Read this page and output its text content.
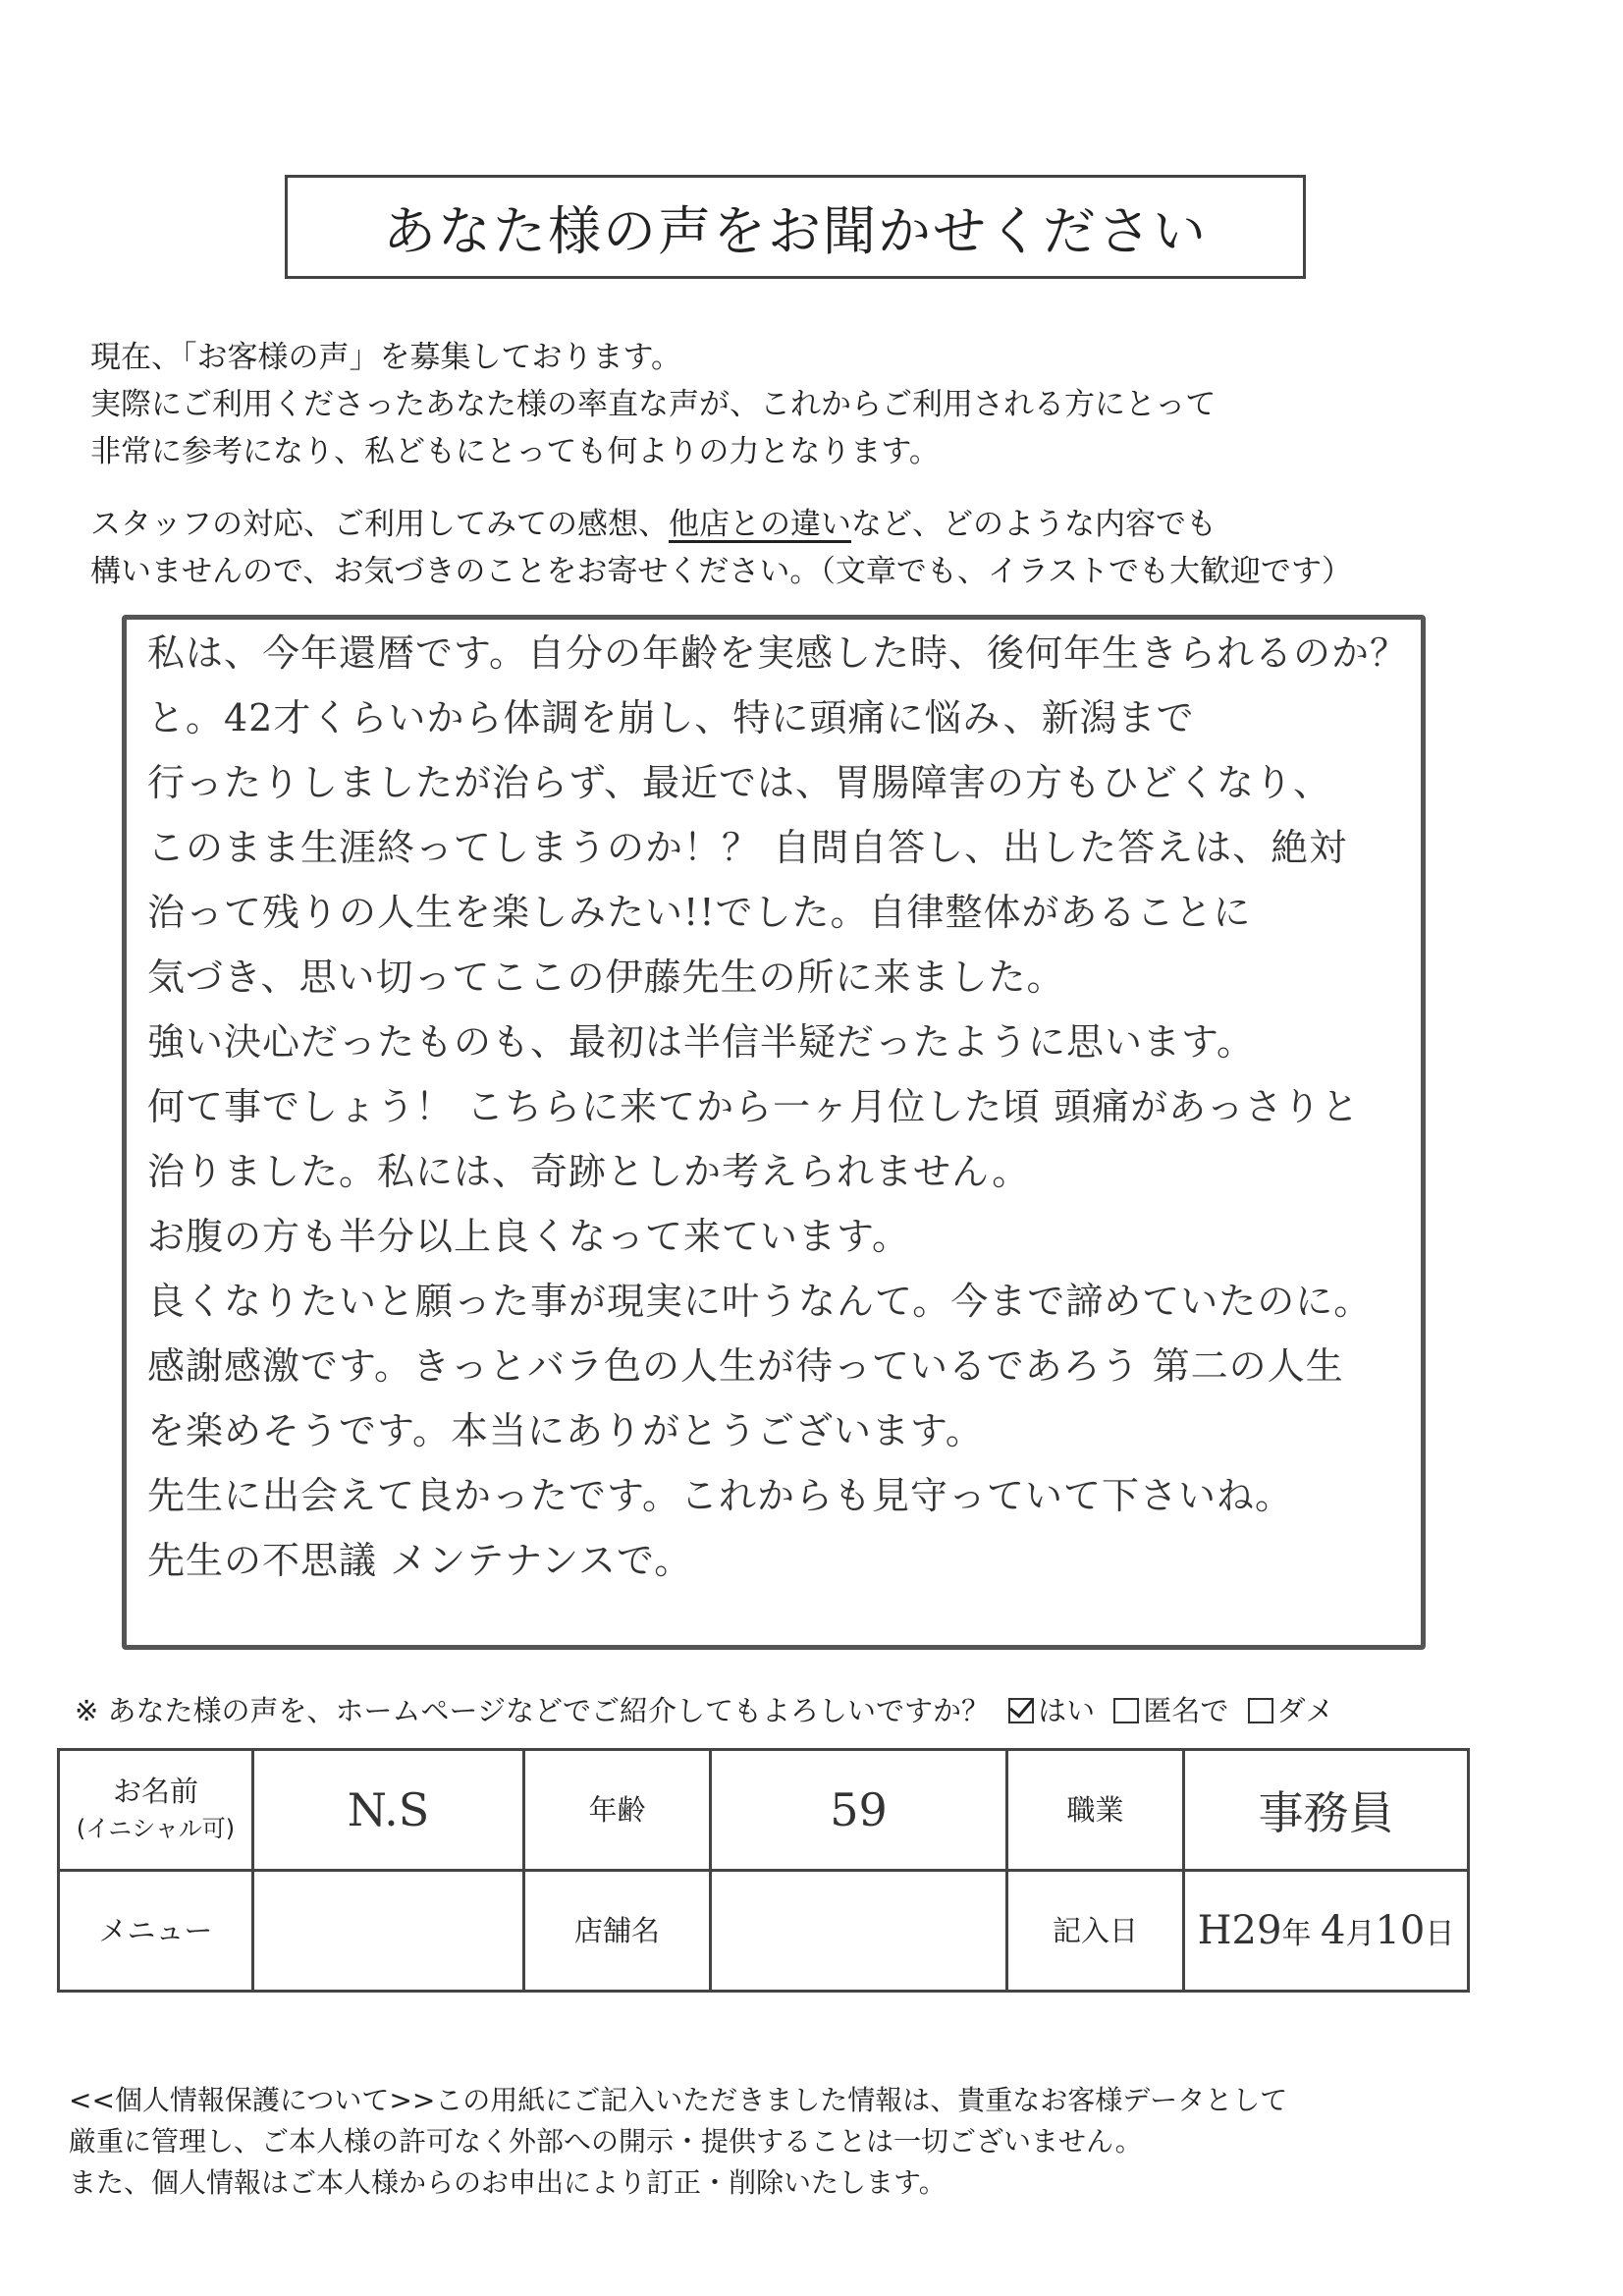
あなた様の声をお聞かせください

現在、「お客様の声」を募集しております。

実際にご利用くださったあなた様の率直な声が、これからご利用される方にとって

非常に参考になり、私どもにとっても何よりの力となります。

スタッフの対応、ご利用してみての感想、他店との違いなど、どのような内容でも

構いませんので、お気づきのことをお寄せください。（文章でも、イラストでも大歓迎です）

私は、今年還暦です。自分の年齢を実感した時、後何年生きられるのか？
と。42才くらいから体調を崩し、特に頭痛に悩み、新潟まで
行ったりしましたが治らず、最近では、胃腸障害の方もひどくなり、
このまま生涯終ってしまうのか！？ 自問自答し、出した答えは、絶対
治って残りの人生を楽しみたい!!でした。自律整体があることに
気づき、思い切ってここの伊藤先生の所に来ました。
強い決心だったものも、最初は半信半疑だったように思います。
何て事でしょう！ こちらに来てから一ヶ月位した頃 頭痛があっさりと
治りました。私には、奇跡としか考えられません。
お腹の方も半分以上良くなって来ています。
良くなりたいと願った事が現実に叶うなんて。今まで諦めていたのに。
感謝感激です。きっとバラ色の人生が待っているであろう 第二の人生
を楽めそうです。本当にありがとうございます。
先生に出会えて良かったです。これからも見守っていて下さいね。
先生の不思議 メンテナンスで。
※ あなた様の声を、ホームページなどでご紹介してもよろしいですか？ はい 匿名で ダメ
お名前
(イニシャル可)	N.S	年齢	59	職業	事務員
メニュー		店舗名		記入日	H29年 4月10日

<<個人情報保護について>>この用紙にご記入いただきました情報は、貴重なお客様データとして

厳重に管理し、ご本人様の許可なく外部への開示・提供することは一切ございません。

また、個人情報はご本人様からのお申出により訂正・削除いたします。
